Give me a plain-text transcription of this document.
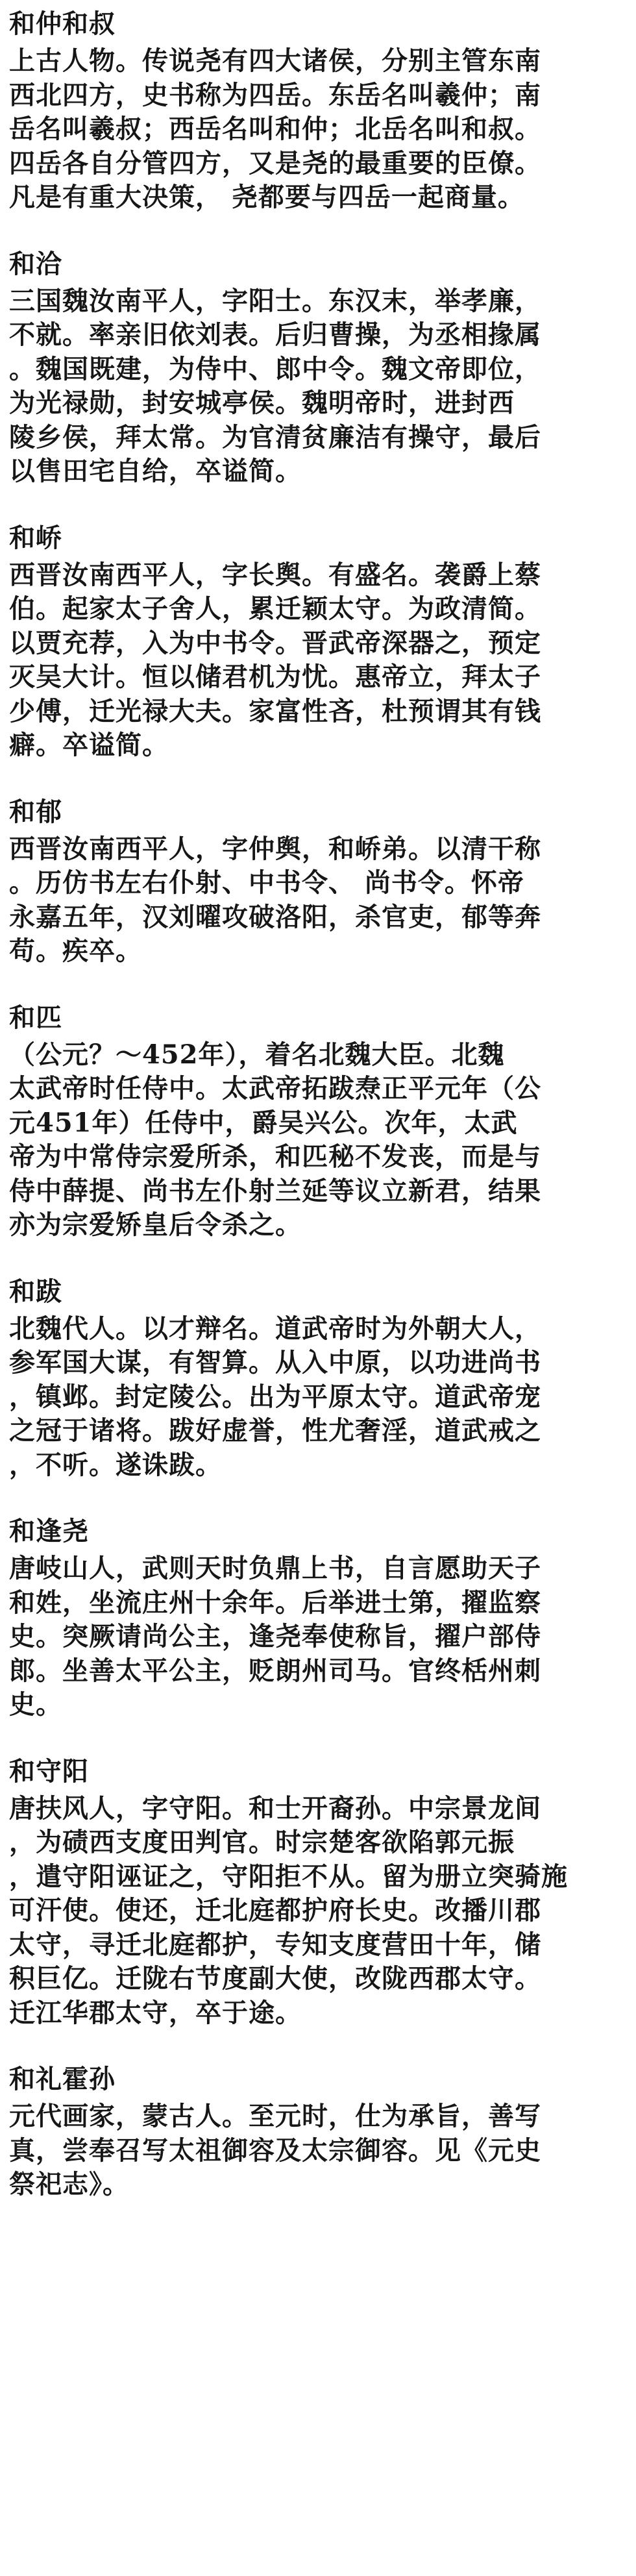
和仲和叔
上古人物。传说尧有四大诸侯，分别主管东南
西北四方，史书称为四岳。东岳名叫羲仲；南
岳名叫羲叔；西岳名叫和仲；北岳名叫和叔。
四岳各自分管四方，又是尧的最重要的臣僚。
凡是有重大决策， 尧都要与四岳一起商量。
和洽
三国魏汝南平人，字阳士。东汉末，举孝廉，
不就。率亲旧依刘表。后归曹操，为丞相掾属
。魏国既建，为侍中、郎中令。魏文帝即位，
为光禄勋，封安城亭侯。魏明帝时，进封西
陵乡侯，拜太常。为官清贫廉洁有操守，最后
以售田宅自给，卒谥简。
和峤
西晋汝南西平人，字长舆。有盛名。袭爵上蔡
伯。起家太子舍人，累迁颖太守。为政清简。
以贾充荐，入为中书令。晋武帝深器之，预定
灭吴大计。恒以储君机为忧。惠帝立，拜太子
少傅，迁光禄大夫。家富性吝，杜预谓其有钱
癖。卒谥简。
和郁
西晋汝南西平人，字仲舆，和峤弟。以清干称
。历仿书左右仆射、中书令、 尚书令。怀帝
永嘉五年，汉刘曜攻破洛阳，杀官吏，郁等奔
苟。疾卒。
和匹
（公元？～452年），着名北魏大臣。北魏
太武帝时任侍中。太武帝拓跋焘正平元年（公
元451年）任侍中，爵吴兴公。次年，太武
帝为中常侍宗爱所杀，和匹秘不发丧，而是与
侍中薛提、尚书左仆射兰延等议立新君，结果
亦为宗爱矫皇后令杀之。
和跋
北魏代人。以才辩名。道武帝时为外朝大人，
参军国大谋，有智算。从入中原，以功进尚书
，镇邺。封定陵公。出为平原太守。道武帝宠
之冠于诸将。跋好虚誉，性尤奢淫，道武戒之
，不听。遂诛跋。
和逢尧
唐岐山人，武则天时负鼎上书，自言愿助天子
和姓，坐流庄州十余年。后举进士第，擢监察
史。突厥请尚公主，逢尧奉使称旨，擢户部侍
郎。坐善太平公主，贬朗州司马。官终栝州刺
史。
和守阳
唐扶风人，字守阳。和士开裔孙。中宗景龙间
，为碛西支度田判官。时宗楚客欲陷郭元振
，遣守阳诬证之，守阳拒不从。留为册立突骑施
可汗使。使还，迁北庭都护府长史。改播川郡
太守，寻迁北庭都护，专知支度营田十年，储
积巨亿。迁陇右节度副大使，改陇西郡太守。
迁江华郡太守，卒于途。
和礼霍孙
元代画家，蒙古人。至元时，仕为承旨，善写
真，尝奉召写太祖御容及太宗御容。见《元史
祭祀志》。
